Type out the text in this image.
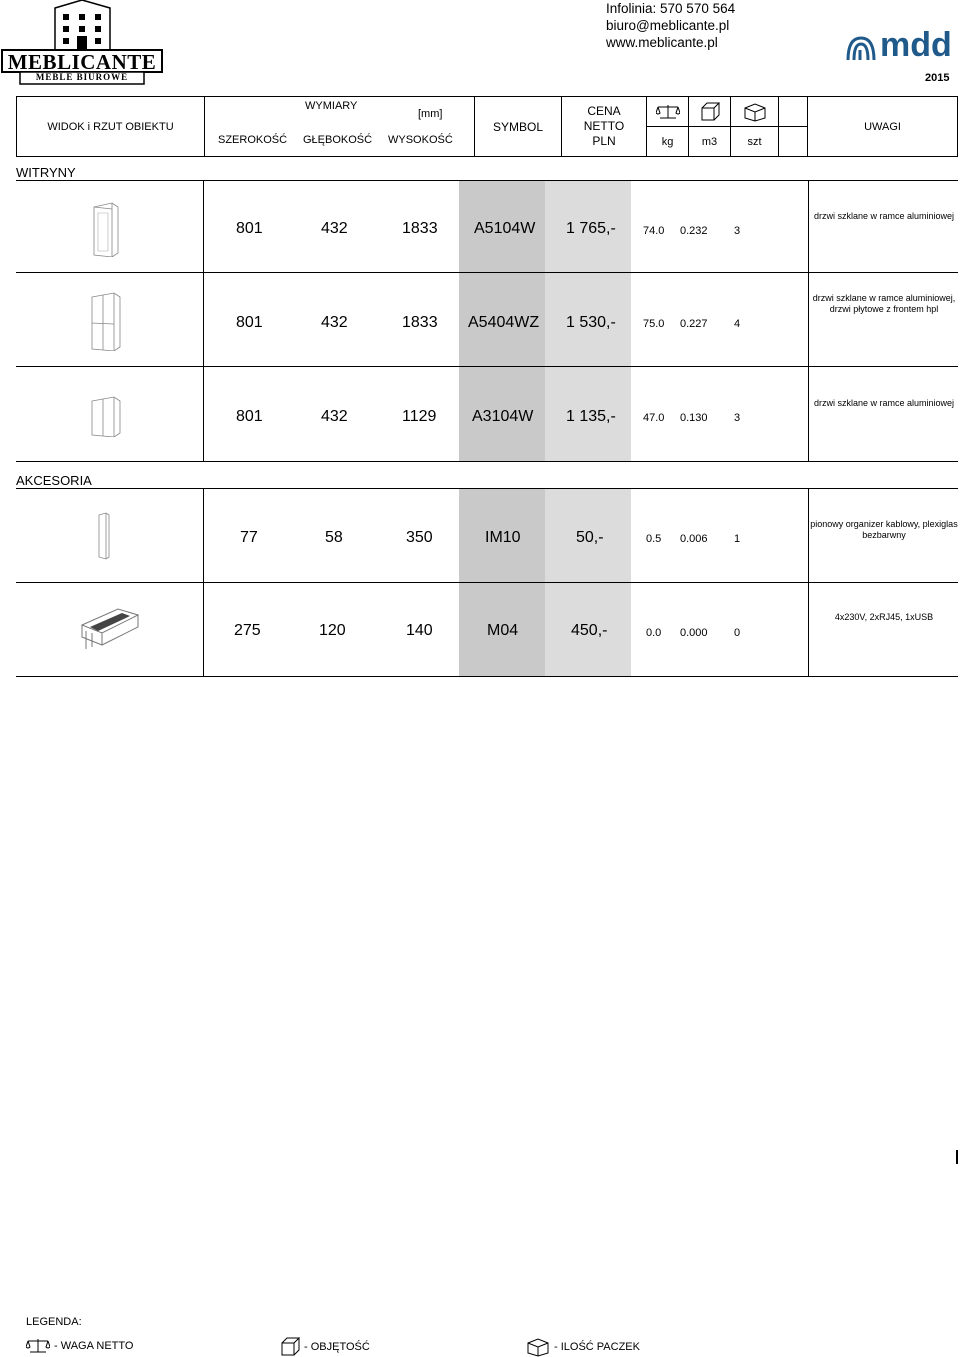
Infolinia: 570 570 564
biuro@meblicante.pl
www.meblicante.pl
MEBLICANTE
MEBLE BIUROWE
mdd
2015
WIDOK i RZUT OBIEKTU
WYMIARY
[mm]
SZEROKOŚĆ GŁĘBOKOŚĆ WYSOKOŚĆ
SYMBOL
CENA
NETTO
PLN	kg	m3	szt
UWAGI
WITRYNY
801	432	1833 A5104W 1 765,- 74.0 0.232 3
drzwi szklane w ramce aluminiowej
801	432	1833 A5404WZ 1 530,- 75.0 0.227 4
drzwi szklane w ramce aluminiowej, drzwi płytowe z frontem hpl
801	432	1129 A3104W 1 135,- 47.0 0.130 3
drzwi szklane w ramce aluminiowej
AKCESORIA
77	58	350	IM10	50,-	0.5 0.006 1
pionowy organizer kablowy, plexiglas bezbarwny
275	120	140	M04	450,-	0.0 0.000 0
4x230V, 2xRJ45, 1xUSB
LEGENDA:
- WAGA NETTO	- OBJĘTOŚĆ	- ILOŚĆ PACZEK
